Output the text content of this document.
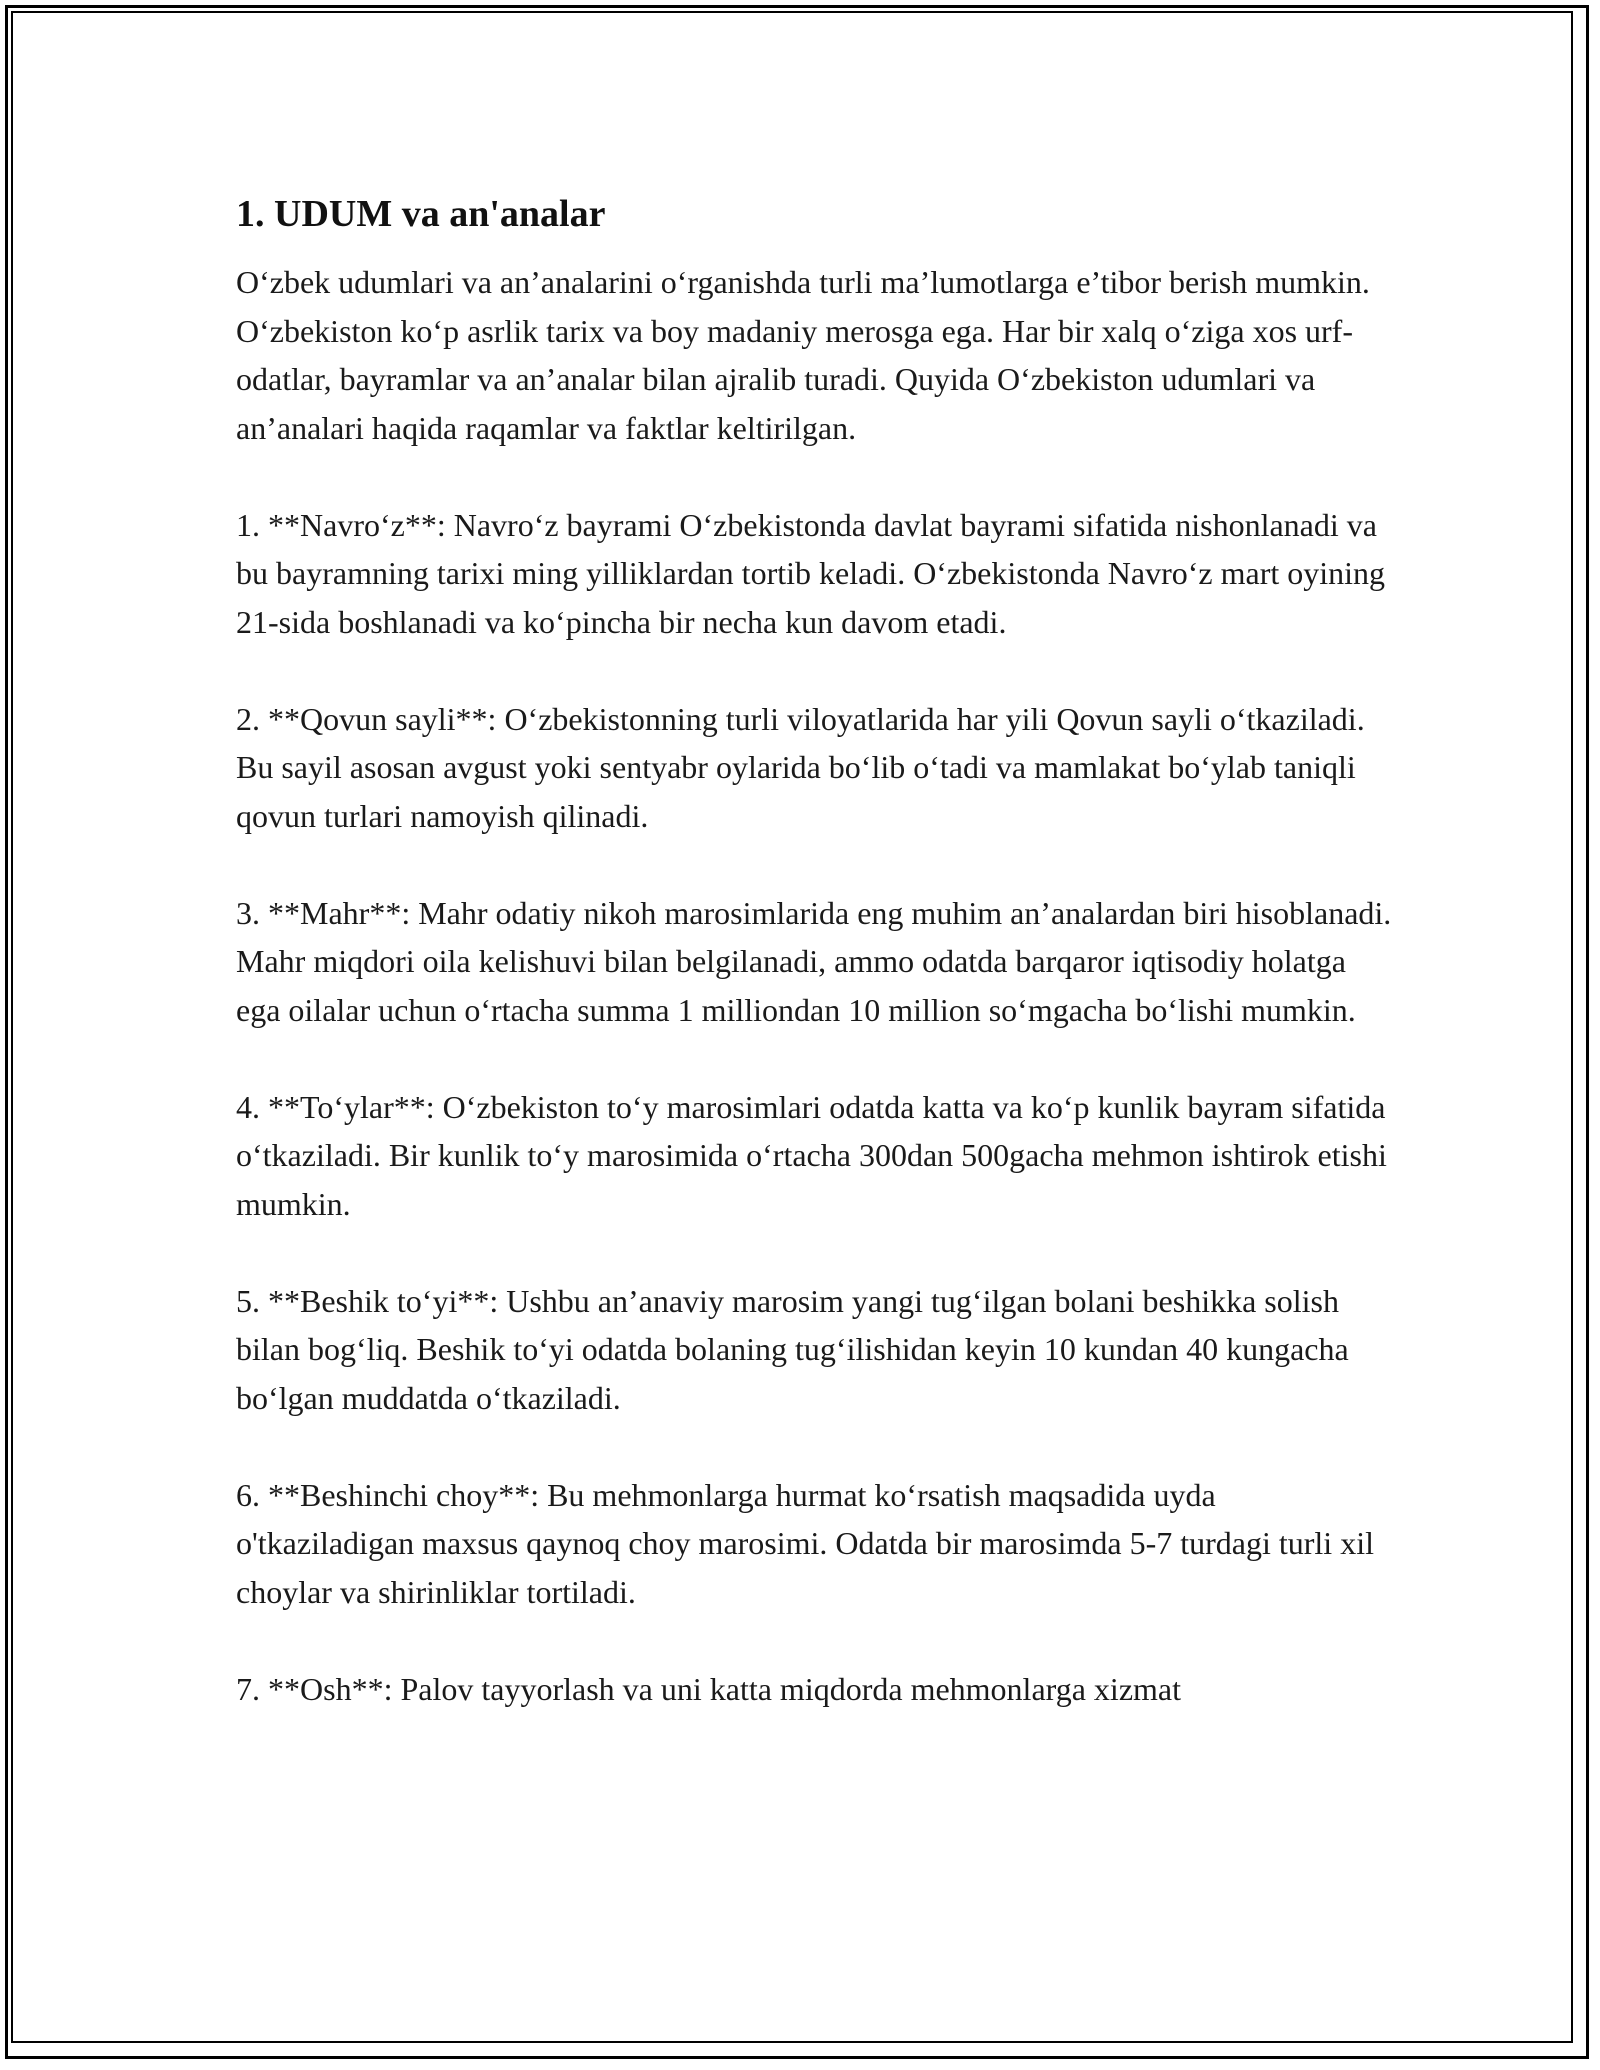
1. UDUM va an'analar

O‘zbek udumlari va an’analarini o‘rganishda turli ma’lumotlarga e’tibor berish mumkin. O‘zbekiston ko‘p asrlik tarix va boy madaniy merosga ega. Har bir xalq o‘ziga xos urf-odatlar, bayramlar va an’analar bilan ajralib turadi. Quyida O‘zbekiston udumlari va an’analari haqida raqamlar va faktlar keltirilgan.

1. **Navro‘z**: Navro‘z bayrami O‘zbekistonda davlat bayrami sifatida nishonlanadi va bu bayramning tarixi ming yilliklardan tortib keladi. O‘zbekistonda Navro‘z mart oyining 21-sida boshlanadi va ko‘pincha bir necha kun davom etadi.

2. **Qovun sayli**: O‘zbekistonning turli viloyatlarida har yili Qovun sayli o‘tkaziladi. Bu sayil asosan avgust yoki sentyabr oylarida bo‘lib o‘tadi va mamlakat bo‘ylab taniqli qovun turlari namoyish qilinadi.

3. **Mahr**: Mahr odatiy nikoh marosimlarida eng muhim an’analardan biri hisoblanadi. Mahr miqdori oila kelishuvi bilan belgilanadi, ammo odatda barqaror iqtisodiy holatga ega oilalar uchun o‘rtacha summa 1 milliondan 10 million so‘mgacha bo‘lishi mumkin.

4. **To‘ylar**: O‘zbekiston to‘y marosimlari odatda katta va ko‘p kunlik bayram sifatida o‘tkaziladi. Bir kunlik to‘y marosimida o‘rtacha 300dan 500gacha mehmon ishtirok etishi mumkin.

5. **Beshik to‘yi**: Ushbu an’anaviy marosim yangi tug‘ilgan bolani beshikka solish bilan bog‘liq. Beshik to‘yi odatda bolaning tug‘ilishidan keyin 10 kundan 40 kungacha bo‘lgan muddatda o‘tkaziladi.

6. **Beshinchi choy**: Bu mehmonlarga hurmat ko‘rsatish maqsadida uyda o'tkaziladigan maxsus qaynoq choy marosimi. Odatda bir marosimda 5-7 turdagi turli xil choylar va shirinliklar tortiladi.

7. **Osh**: Palov tayyorlash va uni katta miqdorda mehmonlarga xizmat
